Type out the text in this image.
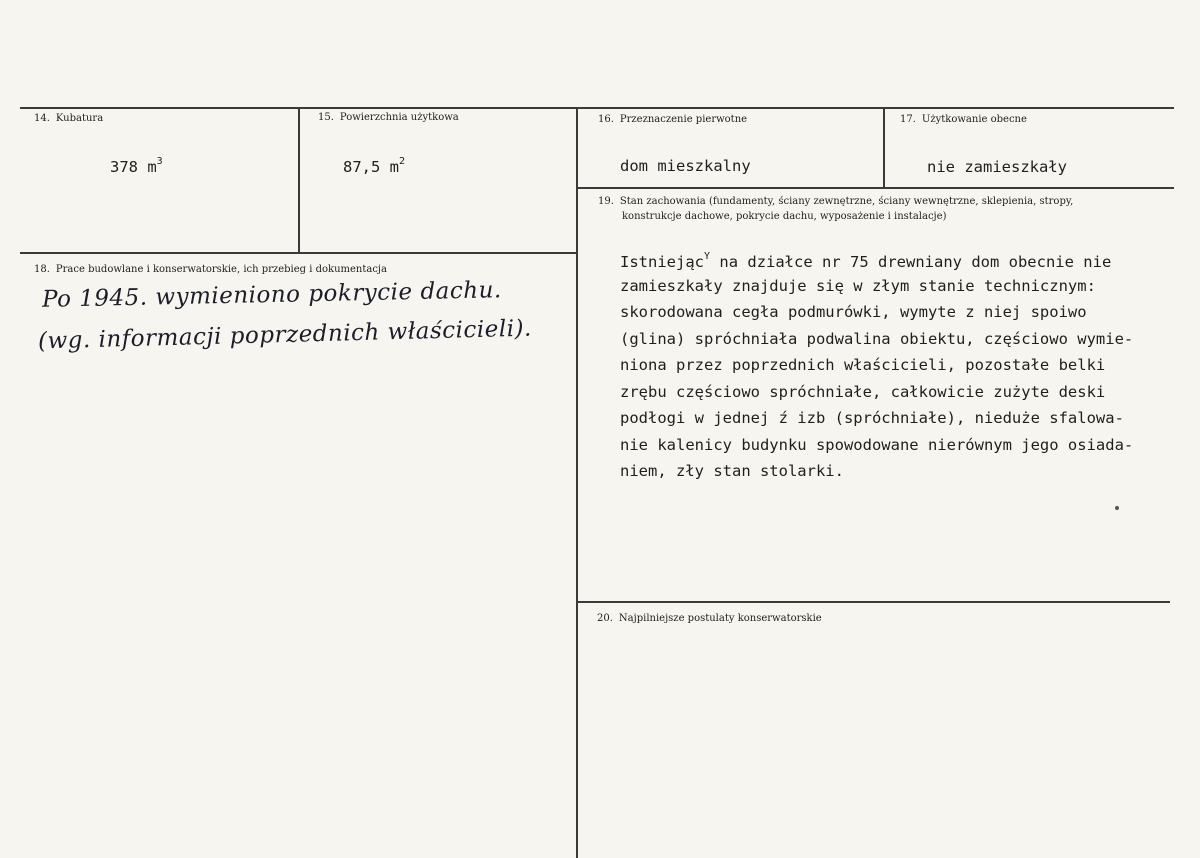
14. Kubatura
378 $m^3$
15. Powierzchnia użytkowa
87,5 $m^2$
16. Przeznaczenie pierwotne
dom mieszkalny
17. Użytkowanie obecne
nie zamieszkały
18. Prace budowlane i konserwatorskie, ich przebieg i dokumentacja
Po 1945. wymieniono pokrycie dachu.
(wg. informacji poprzednich właścicieli).
19. Stan zachowania (fundamenty, ściany zewnętrzne, ściany wewnętrzne, sklepienia, stropy,
konstrukcje dachowe, pokrycie dachu, wyposażenie i instalacje)
Istniejąc$^Y$ na działce nr 75 drewniany dom obecnie nie
zamieszkały znajduje się w złym stanie technicznym:
skorodowana cegła podmurówki, wymyte z niej spoiwo
(glina) spróchniała podwalina obiektu, częściowo wymie-
niona przez poprzednich właścicieli, pozostałe belki
zrębu częściowo spróchniałe, całkowicie zużyte deski
podłogi w jednej ź izb (spróchniałe), nieduże sfalowa-
nie kalenicy budynku spowodowane nierównym jego osiada-
niem, zły stan stolarki.
20. Najpilniejsze postulaty konserwatorskie
